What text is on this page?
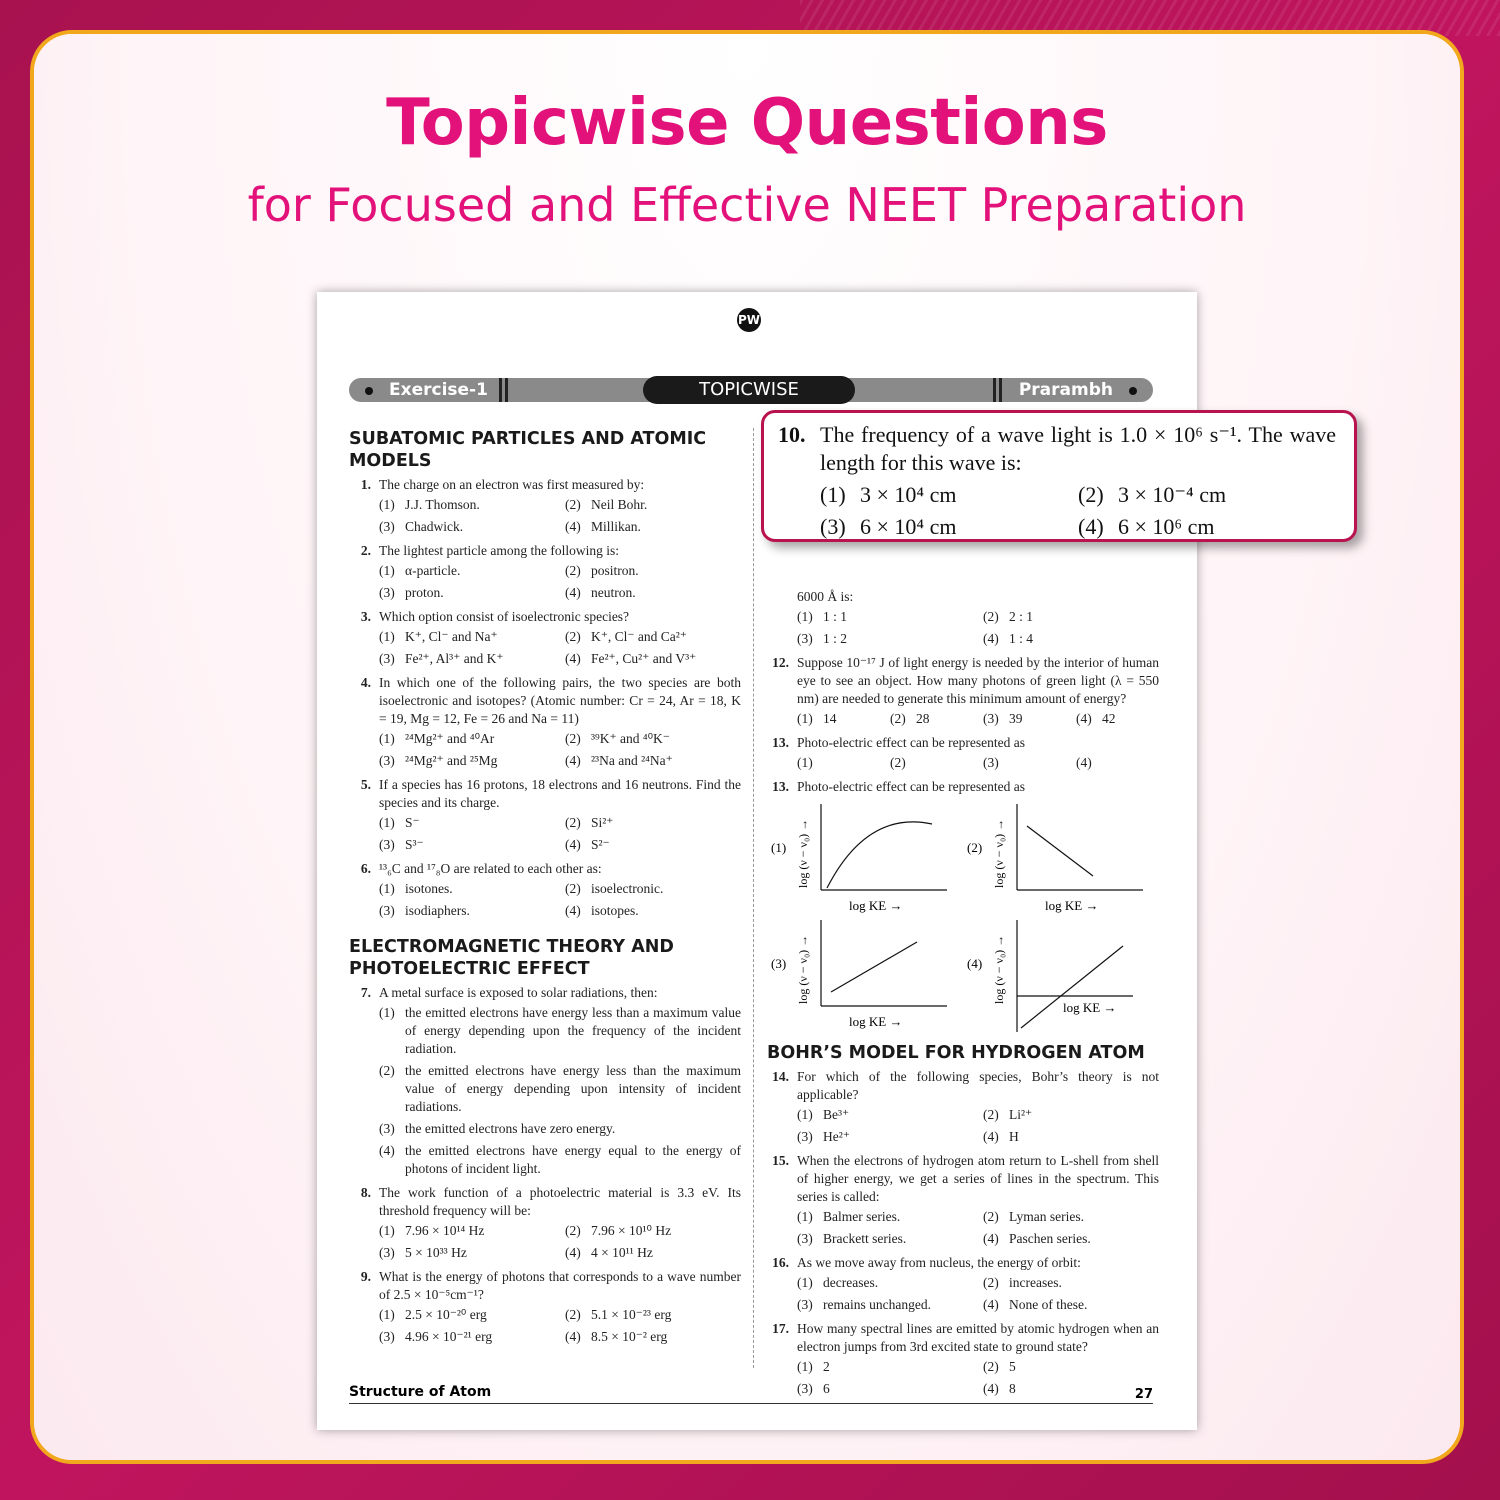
Topicwise Questions
for Focused and Effective NEET Preparation
PW
Exercise-1	TOPICWISE	Prarambh
SUBATOMIC PARTICLES AND ATOMIC MODELS
1. The charge on an electron was first measured by:
(1) J.J. Thomson.	(2) Neil Bohr.
(3) Chadwick.	(4) Millikan.
2. The lightest particle among the following is:
(1) α-particle.	(2) positron.
(3) proton.	(4) neutron.
3. Which option consist of isoelectronic species?
(1) K⁺, Cl⁻ and Na⁺	(2) K⁺, Cl⁻ and Ca²⁺
(3) Fe²⁺, Al³⁺ and K⁺	(4) Fe²⁺, Cu²⁺ and V³⁺
4. In which one of the following pairs, the two species are both isoelectronic and isotopes? (Atomic number: Cr = 24, Ar = 18, K = 19, Mg = 12, Fe = 26 and Na = 11)
(1) ²⁴Mg²⁺ and ⁴⁰Ar	(2) ³⁹K⁺ and ⁴⁰K⁻
(3) ²⁴Mg²⁺ and ²⁵Mg	(4) ²³Na and ²⁴Na⁺
5. If a species has 16 protons, 18 electrons and 16 neutrons. Find the species and its charge.
(1) S⁻	(2) Si²⁺
(3) S³⁻	(4) S²⁻
6. ¹³₆C and ¹⁷₈O are related to each other as:
(1) isotones.	(2) isoelectronic.
(3) isodiaphers.	(4) isotopes.
ELECTROMAGNETIC THEORY AND PHOTOELECTRIC EFFECT
7. A metal surface is exposed to solar radiations, then:
(1) the emitted electrons have energy less than a maximum value of energy depending upon the frequency of the incident radiation.
(2) the emitted electrons have energy less than the maximum value of energy depending upon intensity of incident radiations.
(3) the emitted electrons have zero energy.
(4) the emitted electrons have energy equal to the energy of photons of incident light.
8. The work function of a photoelectric material is 3.3 eV. Its threshold frequency will be:
(1) 7.96 × 10¹⁴ Hz	(2) 7.96 × 10¹⁰ Hz
(3) 5 × 10³³ Hz	(4) 4 × 10¹¹ Hz
9. What is the energy of photons that corresponds to a wave number of 2.5 × 10⁻⁵cm⁻¹?
(1) 2.5 × 10⁻²⁰ erg	(2) 5.1 × 10⁻²³ erg
(3) 4.96 × 10⁻²¹ erg	(4) 8.5 × 10⁻² erg
6000 Å is:
(1) 1 : 1	(2) 2 : 1
(3) 1 : 2	(4) 1 : 4
12. Suppose 10⁻¹⁷ J of light energy is needed by the interior of human eye to see an object. How many photons of green light (λ = 550 nm) are needed to generate this minimum amount of energy?
(1) 14	(2) 28	(3) 39	(4) 42
13. Photo-electric effect can be represented as
(1)	(2)	(3)	(4)
13. Photo-electric effect can be represented as
(1) log (ν − ν₀) →
log KE →
(2) log (ν − ν₀) →
log KE →
(3) log (ν − ν₀) →
log KE →
(4) log (ν − ν₀) →
log KE →
BOHR’S MODEL FOR HYDROGEN ATOM
14. For which of the following species, Bohr’s theory is not applicable?
(1) Be³⁺	(2) Li²⁺
(3) He²⁺	(4) H
15. When the electrons of hydrogen atom return to L-shell from shell of higher energy, we get a series of lines in the spectrum. This series is called:
(1) Balmer series.	(2) Lyman series.
(3) Brackett series.	(4) Paschen series.
16. As we move away from nucleus, the energy of orbit:
(1) decreases.	(2) increases.
(3) remains unchanged.	(4) None of these.
17. How many spectral lines are emitted by atomic hydrogen when an electron jumps from 3rd excited state to ground state?
(1) 2	(2) 5
(3) 6	(4) 8
Structure of Atom	27
10. The frequency of a wave light is 1.0 × 10⁶ s⁻¹. The wave length for this wave is:
(1) 3 × 10⁴ cm	(2) 3 × 10⁻⁴ cm
(3) 6 × 10⁴ cm	(4) 6 × 10⁶ cm
